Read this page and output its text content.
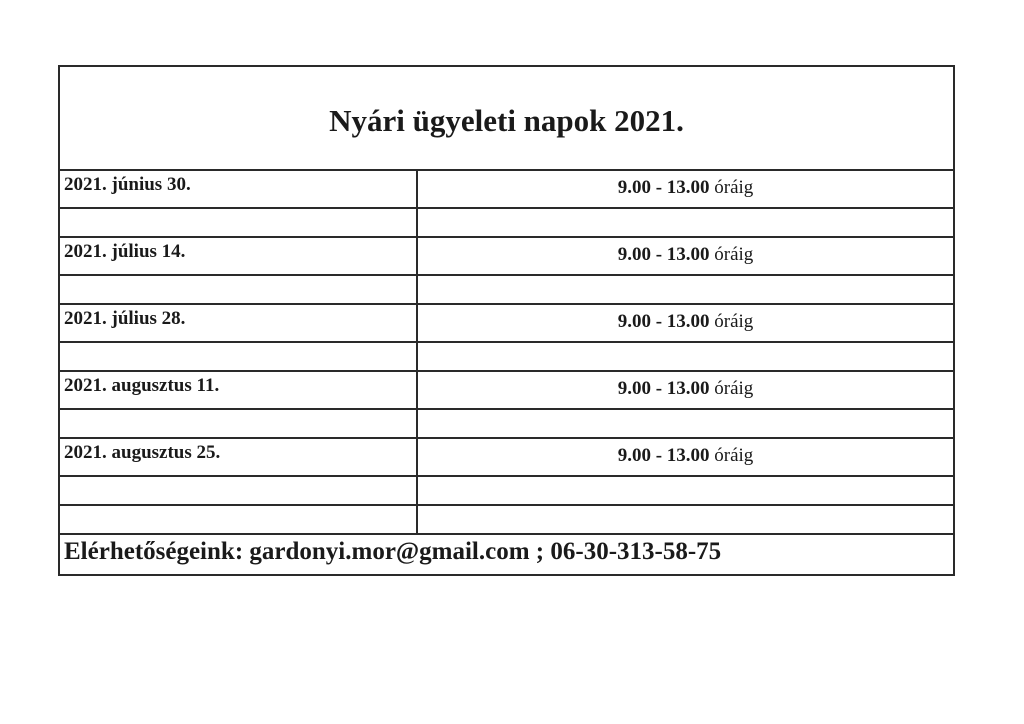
Nyári ügyeleti napok 2021.	
2021. június 30.	9.00 - 13.00 óráig

2021. július 14.	9.00 - 13.00 óráig

2021. július 28.	9.00 - 13.00 óráig

2021. augusztus 11.	9.00 - 13.00 óráig

2021. augusztus 25.	9.00 - 13.00 óráig

Elérhetőségeink: gardonyi.mor@gmail.com ; 06-30-313-58-75	
